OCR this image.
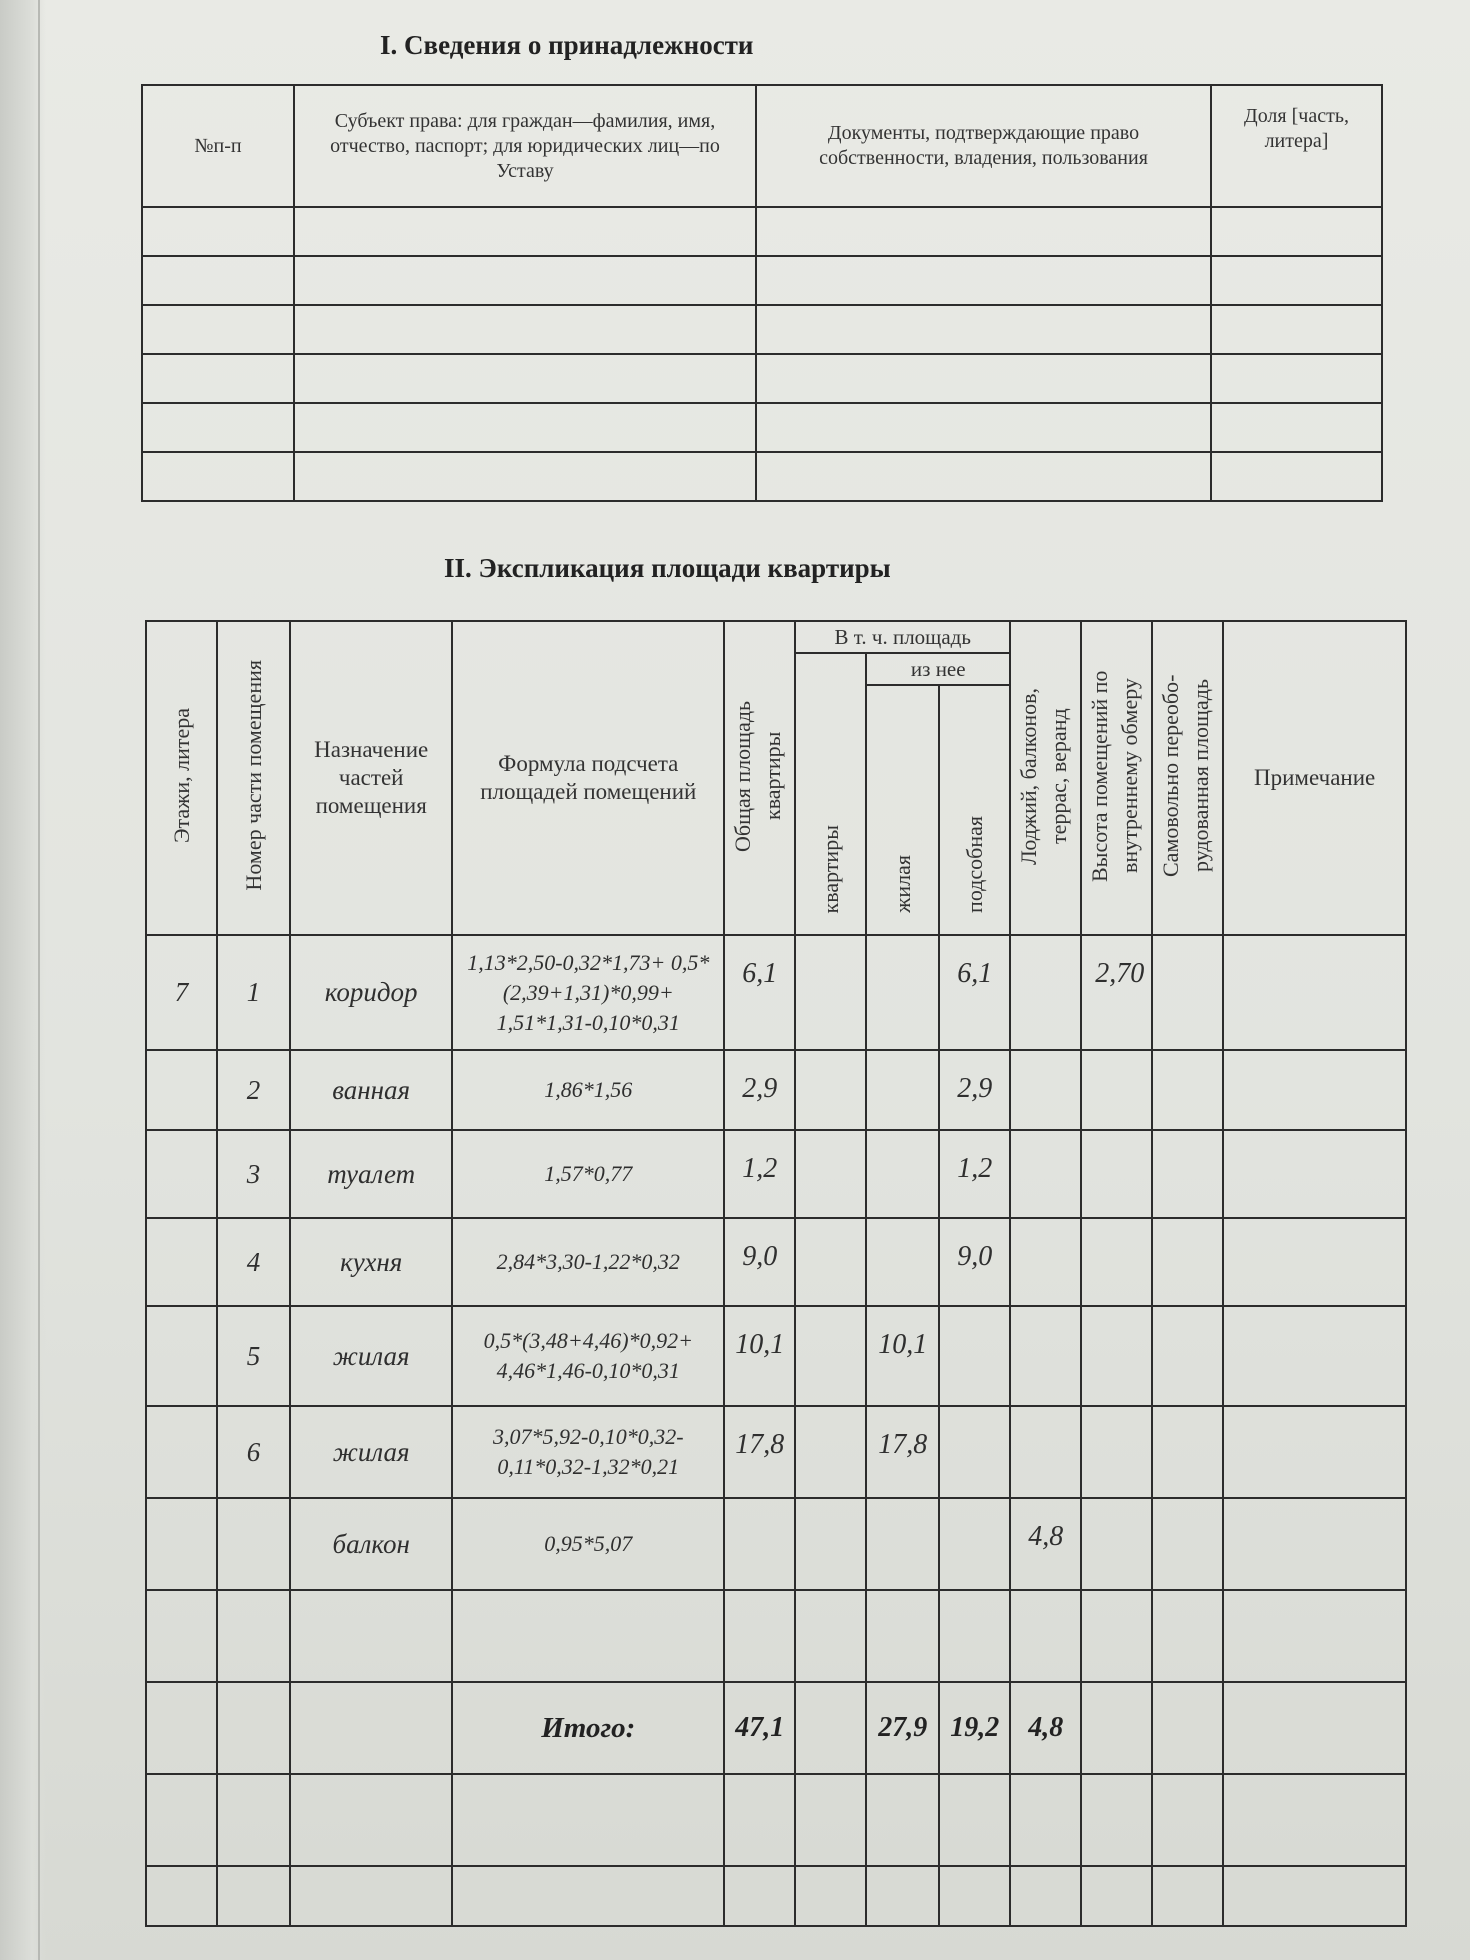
I. Сведения о принадлежности
№п-п	Субъект права: для граждан—фамилия, имя, отчество, паспорт; для юридических лиц—по Уставу	Документы, подтверждающие право собственности, владения, пользования	Доля [часть, литера]

II. Экспликация площади квартиры
Этажи, литера	Номер части помещения	Назначение частей помещения	Формула подсчета площадей помещений	Общая площадь квартиры	В т. ч. площадь			Лоджий, балконов, террас, веранд	Высота помещений по внутреннему обмеру	Самовольно переобо-рудованная площадь	Примечание
					квартиры	из нее					
						жилая	подсобная				
7	1	коридор	1,13*2,50-0,32*1,73+ 0,5*(2,39+1,31)*0,99+ 1,51*1,31-0,10*0,31	6,1			6,1		2,70		
	2	ванная	1,86*1,56	2,9			2,9				
	3	туалет	1,57*0,77	1,2			1,2				
	4	кухня	2,84*3,30-1,22*0,32	9,0			9,0				
	5	жилая	0,5*(3,48+4,46)*0,92+ 4,46*1,46-0,10*0,31	10,1		10,1					
	6	жилая	3,07*5,92-0,10*0,32- 0,11*0,32-1,32*0,21	17,8		17,8					
		балкон	0,95*5,07					4,8			

			Итого:	47,1		27,9	19,2	4,8			
